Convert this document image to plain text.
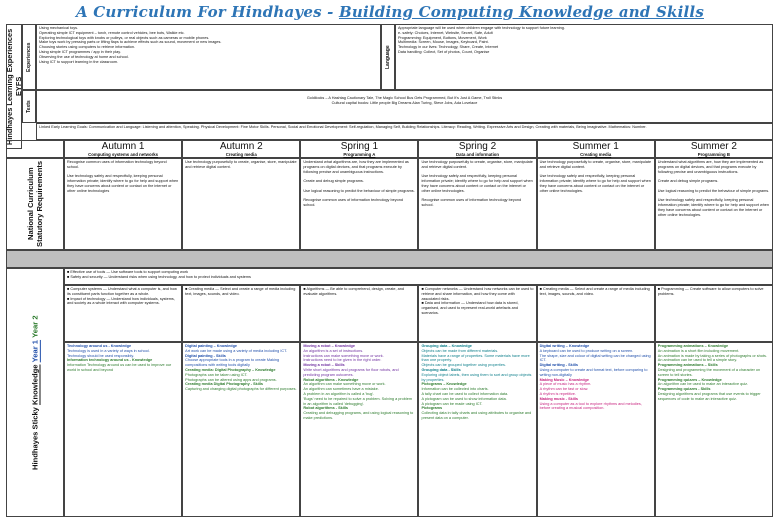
A Curriculum For Hindhayes - Building Computing Knowledge and Skills
Hindhayes Learning Experiences EYFS
Experiences
Using mechanical toys.
Operating simple ICT equipment – torch, remote control vehicles, bee bots, Walkie etc.
Exploring technological toys with knobs or pulleys, or real objects such as cameras or mobile phones.
Make toys work by pressing parts or lifting flaps to achieve effects such as sound, movement or new images.
Choosing stories using computers to retrieve information.
Using simple ICT programmes / app in their play.
Observing the use of technology at home and school.
Using ICT to support learning in the classroom.	Language
Appropriate language will be used when children engage with technology to support future learning.
e- safety: Choices, Internet, Website, Secret, Safe, Adult
Programming: Equipment, Buttons, Movement, Work
Multimedia: Screen, Mouse, Images, Keyboard, Paint.
Technology in our lives: Technology, Share, Create, Internet
Data handling: Collect, Set of photos, Count, Organise
Texts
Goldilocks – A Hashtag Cautionary Tale, The Magic School Bus Gets Programmed, But It's Just A Game, Troll Stinks
Cultural capital books: Little people Big Dreams Alan Turing, Steve Jobs, Ada Lovelace
Linked Early Learning Goals: Communication and Language: Listening and attention, Speaking. Physical Development: Fine Motor Skills. Personal, Social and Emotional Development: Self-regulation, Managing Self, Building Relationships. Literacy: Reading, Writing. Expressive Arts and Design, Creating with materials, Being Imaginative. Mathematics: Number.
National Curriculum Statutory Requirements
Hindhayes Sticky Knowledge Year 1 Year 2
■ Effective use of tools — Use software tools to support computing work
■ Safety and security — Understand risks when using technology, and how to protect individuals and systems
Autumn 1
Computing systems and networks
Autumn 2
Creating media
Spring 1
Programming A
Spring 2
Data and information
Summer 1
Creating media
Summer 2
Programming B
Recognise common uses of information technology beyond school.

Use technology safely and respectfully, keeping personal information private; identify where to go for help and support when they have concerns about content or contact on the internet or other online technologies
Use technology purposefully to create, organise, store, manipulate and retrieve digital content.
Understand what algorithms are, how they are implemented as programs on digital devices, and that programs execute by following precise and unambiguous instructions.

Create and debug simple programs.

Use logical reasoning to predict the behaviour of simple programs.

Recognise common uses of information technology beyond school.
Use technology purposefully to create, organise, store, manipulate and retrieve digital content.

Use technology safely and respectfully, keeping personal information private; identify where to go for help and support when they have concerns about content or contact on the internet or other online technologies.

Recognise common uses of information technology beyond school.
Use technology purposefully to create, organise, store, manipulate and retrieve digital content.

Use technology safely and respectfully, keeping personal information private; identify where to go for help and support when they have concerns about content or contact on the internet or other online technologies.
Understand what algorithms are, how they are implemented as programs on digital devices, and that programs execute by following precise and unambiguous instructions.

Create and debug simple programs.

Use logical reasoning to predict the behaviour of simple programs.

Use technology safely and respectfully, keeping personal information private; identify where to go for help and support when they have concerns about content or contact on the internet or other online technologies.
■ Computer systems — Understand what a computer is, and how its constituent parts function together as a whole.
■ Impact of technology — Understand how individuals, systems, and society as a whole interact with computer systems.
■ Creating media — Select and create a range of media including text, images, sounds, and video.
■ Algorithms — Be able to comprehend, design, create, and evaluate algorithms.
■ Computer networks — Understand how networks can be used to retrieve and share information, and how they come with associated risks.
■ Data and information — Understand how data is stored, organised, and used to represent real-world artefacts and scenarios.
■ Creating media — Select and create a range of media including text, images, sounds, and video.
■ Programming — Create software to allow computers to solve problems.
Technology around us - Knowledge
Technology is used in a variety of ways in school.
Technology should be used responsibly.
Information technology around us - Knowledge
Information Technology around us can be used to improve our world in school and beyond
Digital painting – Knowledge
Art work can be made using a variety of media including ICT.
Digital painting - Skills
Choose appropriate tools in a program to create Making compositions with writing tools digitally
Creating media: Digital Photography – Knowledge
Photographs can be taken using ICT.
Photographs can be altered using apps and programs.
Creating media Digital Photography - Skills
Capturing and changing digital photographs for different purposes.
Moving a robot – Knowledge
An algorithm is a set of instructions.
Instructions can make something move or work.
Instructions need to be given in the right order.
Moving a robot – Skills
Write short algorithms and programs for floor robots, and predicting program outcomes.
Robot algorithms - Knowledge
An algorithm can make something move or work.
An algorithm can sometimes have a mistake.
A problem in an algorithm is called a 'bug'.
'Bugs' need to be repaired to solve a problem. Solving a problem in an algorithm is called 'debugging'.
Robot algorithms - Skills
Creating and debugging programs, and using logical reasoning to make predictions.
Grouping data – Knowledge
Objects can be made from different materials.
Materials have a range of properties. Some materials have more than one property.
Objects can be grouped together using properties.
Grouping data - Skills
Exploring object labels, then using them to sort and group objects by properties.
Pictograms – Knowledge
Information can be collected into charts.
A tally chart can be used to collect information data.
A pictogram can be used to show information data.
A pictogram can be made using ICT.
Pictograms
Collecting data in tally charts and using attributes to organise and present data on a computer.
Digital writing – Knowledge
A keyboard can be used to produce writing on a screen.
The shape, size and colour of digital writing can be changed using ICT.
Digital writing - Skills
Using a computer to create and format text, before comparing to writing non-digitally
Making Music – Knowledge
A piece of music has a rhythm.
A rhythm can be fast or slow.
A rhythm is repetitive.
Making music - Skills
Using a computer as a tool to explore rhythms and melodies, before creating a musical composition.
Programming animations – Knowledge
An animation is a short film including movement.
An animation is made by taking a series of photographs or shots.
An animation can be used to tell a simple story.
Programming animations – Skills
Designing and programming the movement of a character on screen to tell stories.
Programming quizzes – Knowledge
An algorithm can be used to make an interactive quiz.
Programming quizzes - Skills
Designing algorithms and programs that use events to trigger sequences of code to make an interactive quiz.
